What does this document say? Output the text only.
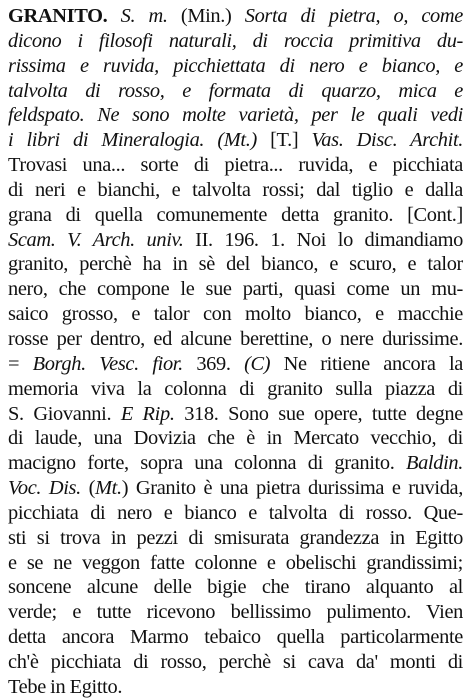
GRANITO. S. m. (Min.) Sorta di pietra, o, come
dicono i filosofi naturali, di roccia primitiva du-
rissima e ruvida, picchiettata di nero e bianco, e
talvolta di rosso, e formata di quarzo, mica e
feldspato. Ne sono molte varietà, per le quali vedi
i libri di Mineralogia. (Mt.) [T.] Vas. Disc. Archit.
Trovasi una... sorte di pietra... ruvida, e picchiata
di neri e bianchi, e talvolta rossi; dal tiglio e dalla
grana di quella comunemente detta granito. [Cont.]
Scam. V. Arch. univ. II. 196. 1. Noi lo dimandiamo
granito, perchè ha in sè del bianco, e scuro, e talor
nero, che compone le sue parti, quasi come un mu-
saico grosso, e talor con molto bianco, e macchie
rosse per dentro, ed alcune berettine, o nere durissime.
= Borgh. Vesc. fior. 369. (C) Ne ritiene ancora la
memoria viva la colonna di granito sulla piazza di
S. Giovanni. E Rip. 318. Sono sue opere, tutte degne
di laude, una Dovizia che è in Mercato vecchio, di
macigno forte, sopra una colonna di granito. Baldin.
Voc. Dis. (Mt.) Granito è una pietra durissima e ruvida,
picchiata di nero e bianco e talvolta di rosso. Que-
sti si trova in pezzi di smisurata grandezza in Egitto
e se ne veggon fatte colonne e obelischi grandissimi;
soncene alcune delle bigie che tirano alquanto al
verde; e tutte ricevono bellissimo pulimento. Vien
detta ancora Marmo tebaico quella particolarmente
ch'è picchiata di rosso, perchè si cava da' monti di
Tebe in Egitto.
